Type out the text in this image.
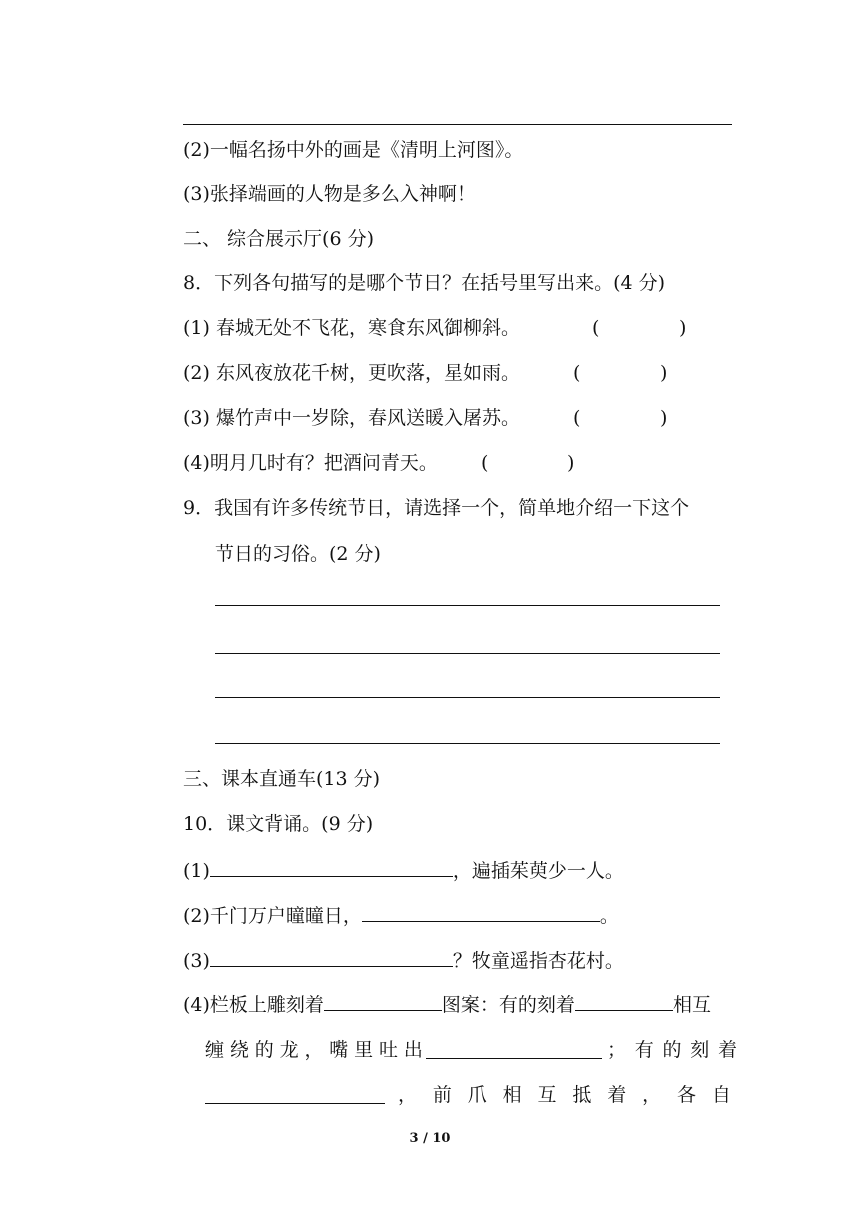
(2)一幅名扬中外的画是《清明上河图》。
(3)张择端画的人物是多么入神啊！
二、 综合展示厅(6 分)
8．下列各句描写的是哪个节日？在括号里写出来。(4 分)
(1) 春城无处不飞花，寒食东风御柳斜。	(	)
(2) 东风夜放花千树，更吹落，星如雨。	(	)
(3) 爆竹声中一岁除，春风送暖入屠苏。	(	)
(4)明月几时有？把酒问青天。 (	)
9．我国有许多传统节日，请选择一个，简单地介绍一下这个
节日的习俗。(2 分)
三、课本直通车(13 分)
10．课文背诵。(9 分)
(1)	，遍插茱萸少一人。
(2)千门万户曈曈日，	。
(3)	？牧童遥指杏花村。
(4)栏板上雕刻着	图案：有的刻着	相互
缠 绕 的 龙 ， 嘴 里 吐 出	； 有 的 刻 着
， 前 爪 相 互 抵 着 ， 各 自
3 / 10
